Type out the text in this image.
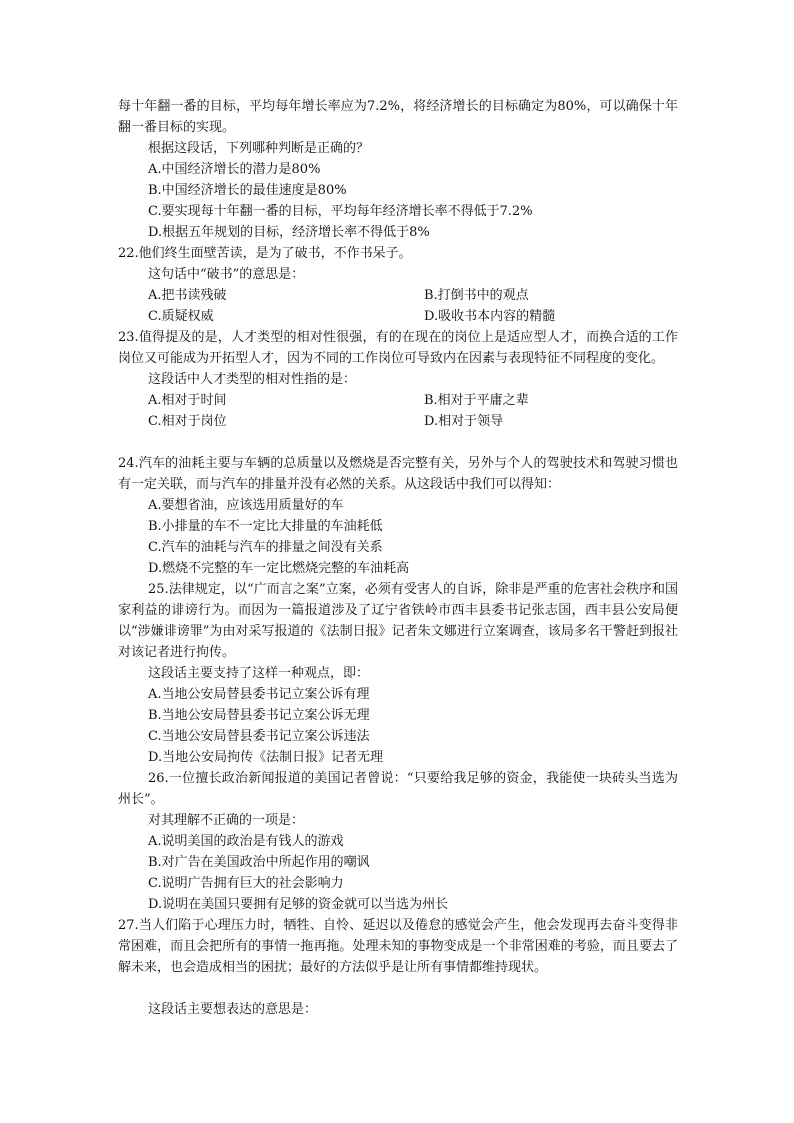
每十年翻一番的目标，平均每年增长率应为7.2%，将经济增长的目标确定为80%，可以确保十年翻一番目标的实现。

根据这段话，下列哪种判断是正确的？

A.中国经济增长的潜力是80%

B.中国经济增长的最佳速度是80%

C.要实现每十年翻一番的目标，平均每年经济增长率不得低于7.2%

D.根据五年规划的目标，经济增长率不得低于8%

22.他们终生面壁苦读，是为了破书，不作书呆子。

这句话中“破书”的意思是：

A.把书读残破	B.打倒书中的观点
C.质疑权威	D.吸收书本内容的精髓

23.值得提及的是，人才类型的相对性很强，有的在现在的岗位上是适应型人才，而换合适的工作岗位又可能成为开拓型人才，因为不同的工作岗位可导致内在因素与表现特征不同程度的变化。

这段话中人才类型的相对性指的是：

A.相对于时间	B.相对于平庸之辈
C.相对于岗位	D.相对于领导

24.汽车的油耗主要与车辆的总质量以及燃烧是否完整有关，另外与个人的驾驶技术和驾驶习惯也有一定关联，而与汽车的排量并没有必然的关系。从这段话中我们可以得知：

A.要想省油，应该选用质量好的车

B.小排量的车不一定比大排量的车油耗低

C.汽车的油耗与汽车的排量之间没有关系

D.燃烧不完整的车一定比燃烧完整的车油耗高

25.法律规定，以“广而言之案”立案，必须有受害人的自诉，除非是严重的危害社会秩序和国家利益的诽谤行为。而因为一篇报道涉及了辽宁省铁岭市西丰县委书记张志国，西丰县公安局便以“涉嫌诽谤罪”为由对采写报道的《法制日报》记者朱文娜进行立案调查，该局多名干警赶到报社对该记者进行拘传。

这段话主要支持了这样一种观点，即：

A.当地公安局替县委书记立案公诉有理

B.当地公安局替县委书记立案公诉无理

C.当地公安局替县委书记立案公诉违法

D.当地公安局拘传《法制日报》记者无理

26.一位擅长政治新闻报道的美国记者曾说：“只要给我足够的资金，我能使一块砖头当选为州长”。

对其理解不正确的一项是：

A.说明美国的政治是有钱人的游戏

B.对广告在美国政治中所起作用的嘲讽

C.说明广告拥有巨大的社会影响力

D.说明在美国只要拥有足够的资金就可以当选为州长

27.当人们陷于心理压力时，牺牲、自怜、延迟以及倦怠的感觉会产生，他会发现再去奋斗变得非常困难，而且会把所有的事情一拖再拖。处理未知的事物变成是一个非常困难的考验，而且要去了解未来，也会造成相当的困扰；最好的方法似乎是让所有事情都维持现状。

这段话主要想表达的意思是：
